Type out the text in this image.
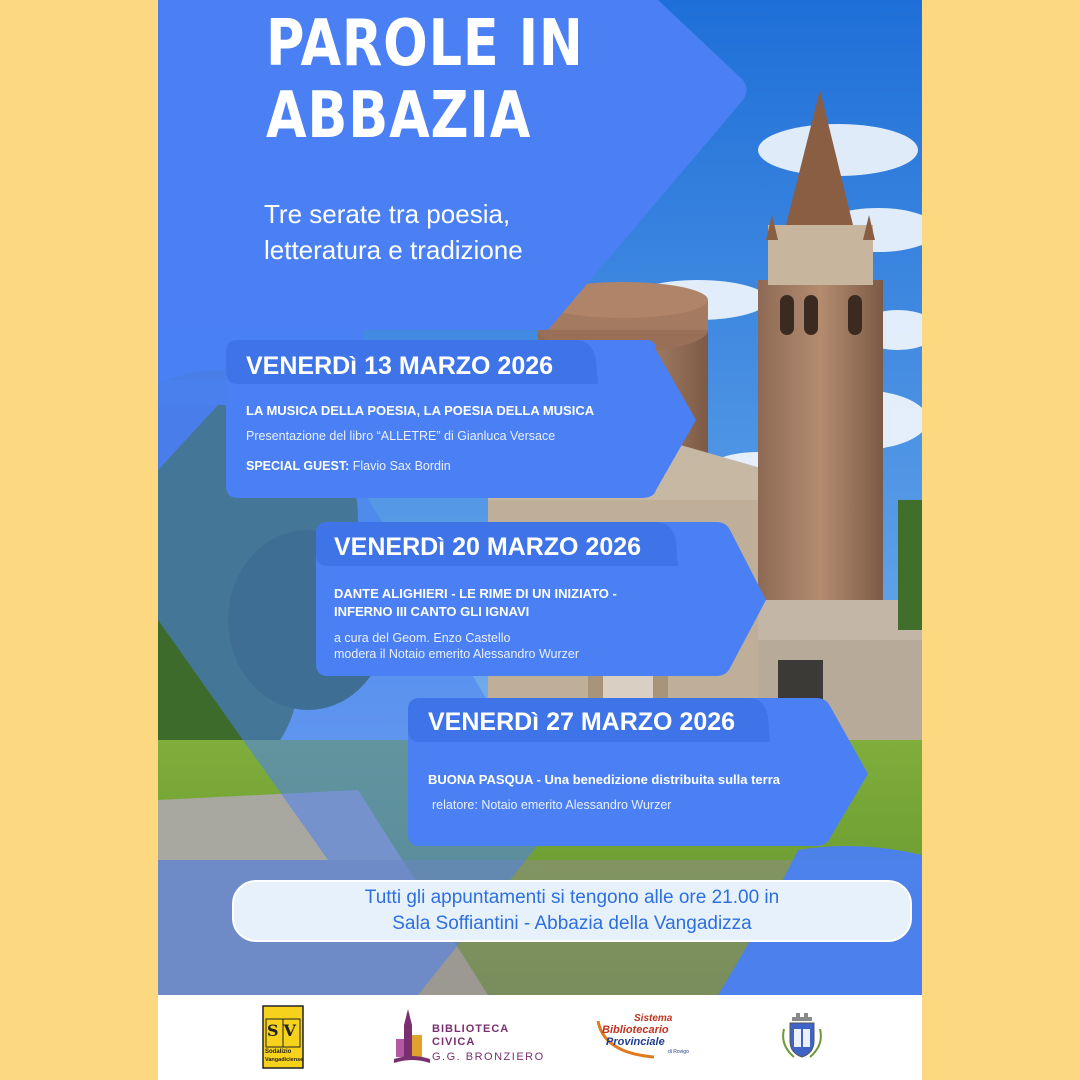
PAROLE IN
ABBAZIA

Tre serate tra poesia,
letteratura e tradizione

VENERDì 13 MARZO 2026

LA MUSICA DELLA POESIA, LA POESIA DELLA MUSICA

Presentazione del libro “ALLETRE” di Gianluca Versace

SPECIAL GUEST: Flavio Sax Bordin

VENERDì 20 MARZO 2026

DANTE ALIGHIERI - LE RIME DI UN INIZIATO -
INFERNO III CANTO GLI IGNAVI

a cura del Geom. Enzo Castello

modera il Notaio emerito Alessandro Wurzer

VENERDì 27 MARZO 2026

BUONA PASQUA - Una benedizione distribuita sulla terra

relatore: Notaio emerito Alessandro Wurzer

Tutti gli appuntamenti si tengono alle ore 21.00 in

Sala Soffiantini - Abbazia della Vangadizza

SV
Sodalizio
Vangadiciense
BIBLIOTECA
CIVICA
G.G. BRONZIERO
Sistema
Bibliotecario
Provinciale
di Rovigo
